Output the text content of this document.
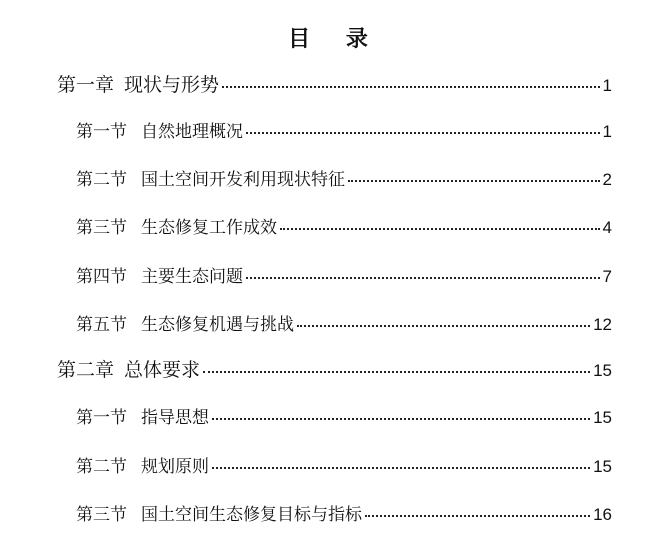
目 录
第一章 现状与形势	1
第一节 自然地理概况	1
第二节 国土空间开发利用现状特征	2
第三节 生态修复工作成效	4
第四节 主要生态问题	7
第五节 生态修复机遇与挑战	12
第二章 总体要求	15
第一节 指导思想	15
第二节 规划原则	15
第三节 国土空间生态修复目标与指标	16
